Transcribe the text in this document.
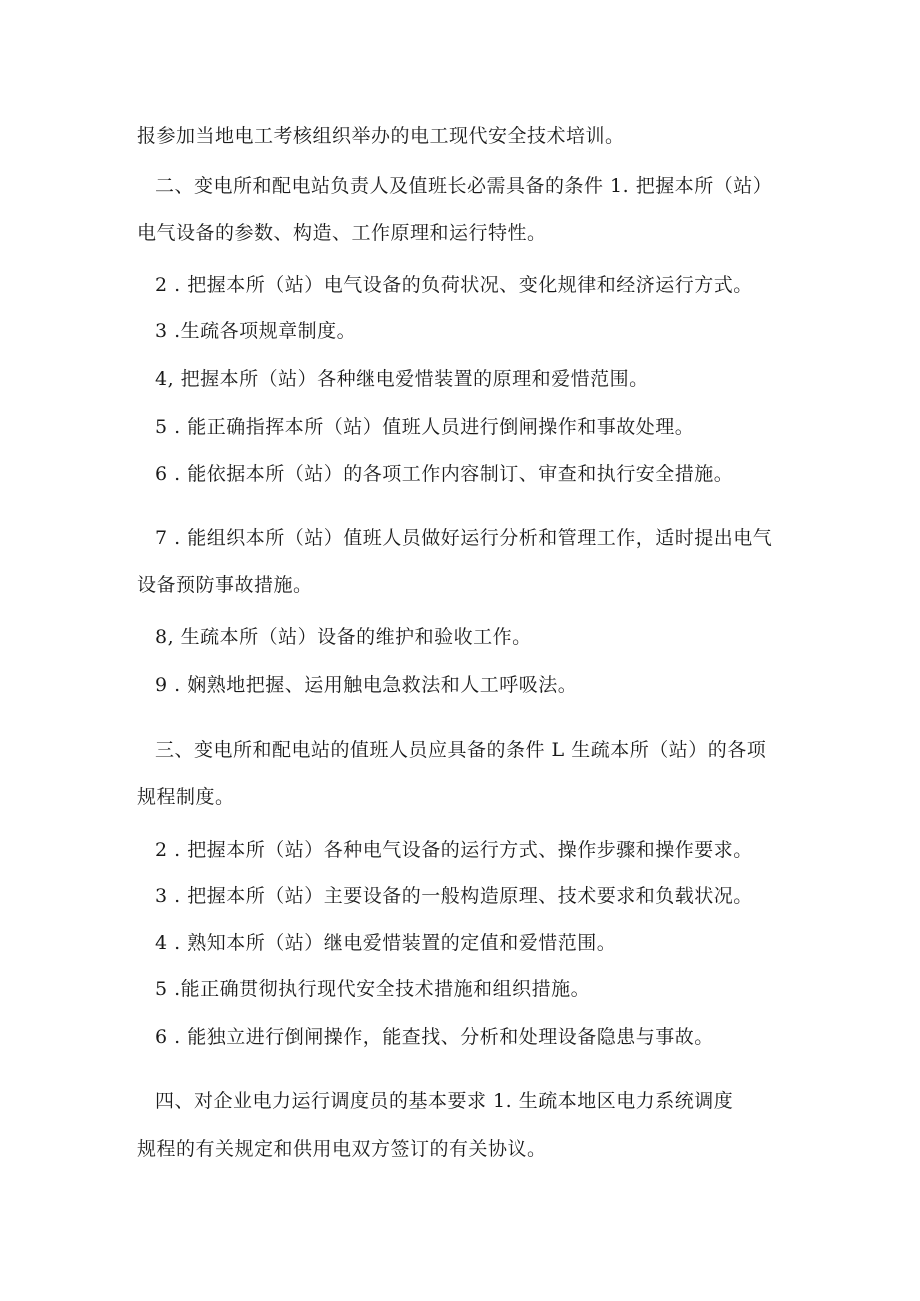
报参加当地电工考核组织举办的电工现代安全技术培训。
二、变电所和配电站负责人及值班长必需具备的条件 1. 把握本所（站）
电气设备的参数、构造、工作原理和运行特性。
2 . 把握本所（站）电气设备的负荷状况、变化规律和经济运行方式。
3 .生疏各项规章制度。
4, 把握本所（站）各种继电爱惜装置的原理和爱惜范围。
5 . 能正确指挥本所（站）值班人员进行倒闸操作和事故处理。
6 . 能依据本所（站）的各项工作内容制订、审查和执行安全措施。
7 . 能组织本所（站）值班人员做好运行分析和管理工作，适时提出电气
设备预防事故措施。
8, 生疏本所（站）设备的维护和验收工作。
9 . 娴熟地把握、运用触电急救法和人工呼吸法。
三、变电所和配电站的值班人员应具备的条件 L 生疏本所（站）的各项
规程制度。
2 . 把握本所（站）各种电气设备的运行方式、操作步骤和操作要求。
3 . 把握本所（站）主要设备的一般构造原理、技术要求和负载状况。
4 . 熟知本所（站）继电爱惜装置的定值和爱惜范围。
5 .能正确贯彻执行现代安全技术措施和组织措施。
6 . 能独立进行倒闸操作，能查找、分析和处理设备隐患与事故。
四、对企业电力运行调度员的基本要求 1. 生疏本地区电力系统调度
规程的有关规定和供用电双方签订的有关协议。
